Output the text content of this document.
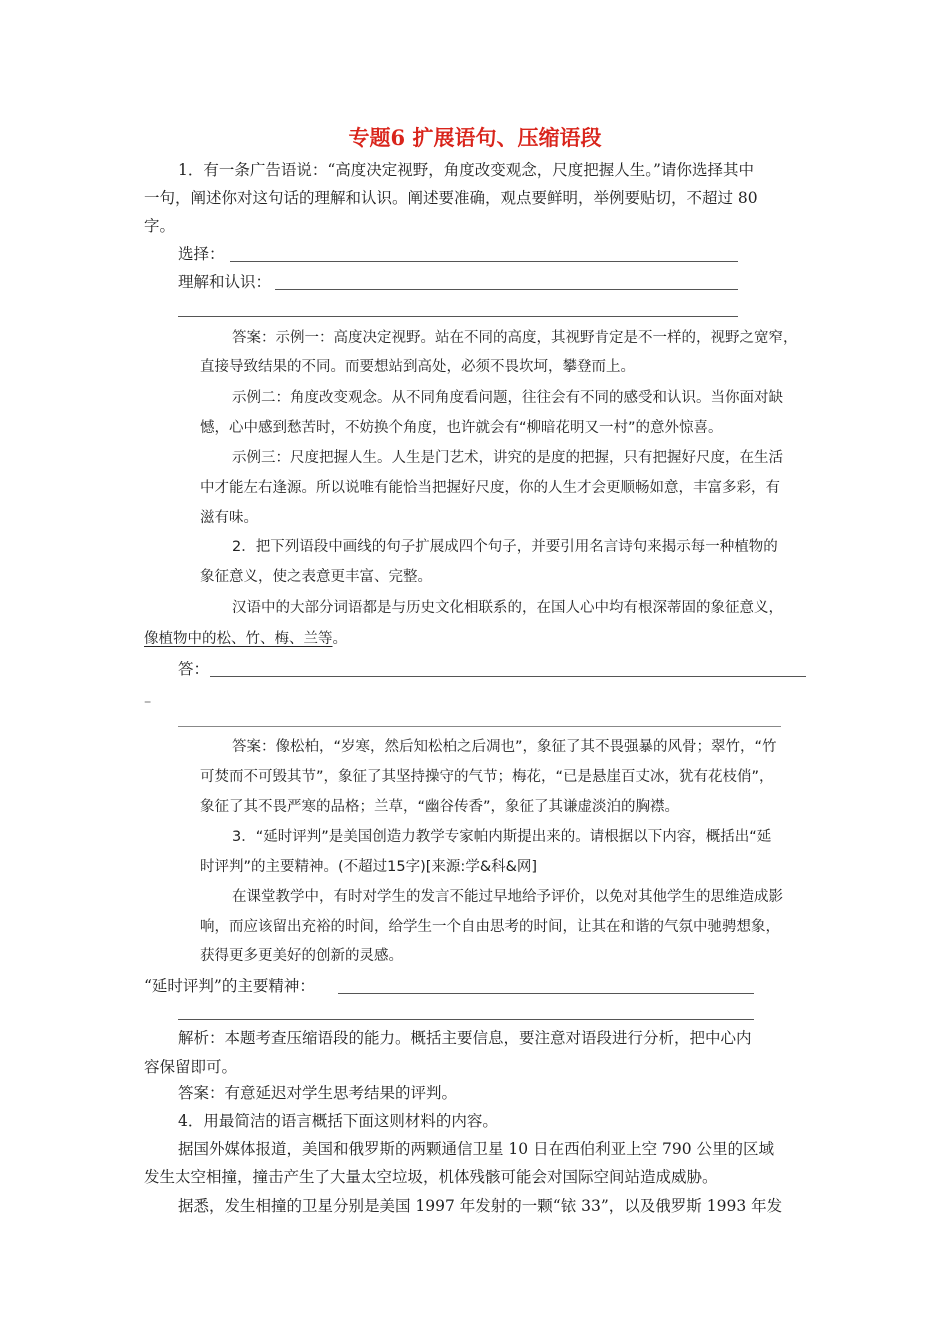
专题6 扩展语句、压缩语段
1．有一条广告语说：“高度决定视野，角度改变观念，尺度把握人生。”请你选择其中
一句，阐述你对这句话的理解和认识。阐述要准确，观点要鲜明，举例要贴切，不超过 80
字。
选择：
理解和认识：
答案：示例一：高度决定视野。站在不同的高度，其视野肯定是不一样的，视野之宽窄，
直接导致结果的不同。而要想站到高处，必须不畏坎坷，攀登而上。
示例二：角度改变观念。从不同角度看问题，往往会有不同的感受和认识。当你面对缺
憾，心中感到愁苦时，不妨换个角度，也许就会有“柳暗花明又一村”的意外惊喜。
示例三：尺度把握人生。人生是门艺术，讲究的是度的把握，只有把握好尺度，在生活
中才能左右逢源。所以说唯有能恰当把握好尺度，你的人生才会更顺畅如意，丰富多彩，有
滋有味。
2．把下列语段中画线的句子扩展成四个句子，并要引用名言诗句来揭示每一种植物的
象征意义，使之表意更丰富、完整。
汉语中的大部分词语都是与历史文化相联系的，在国人心中均有根深蒂固的象征意义，
像植物中的松、竹、梅、兰等。
答：
–
答案：像松柏，“岁寒，然后知松柏之后凋也”，象征了其不畏强暴的风骨；翠竹，“竹
可焚而不可毁其节”，象征了其坚持操守的气节；梅花，“已是悬崖百丈冰，犹有花枝俏”，
象征了其不畏严寒的品格；兰草，“幽谷传香”，象征了其谦虚淡泊的胸襟。
3．“延时评判”是美国创造力教学专家帕内斯提出来的。请根据以下内容，概括出“延
时评判”的主要精神。(不超过15字)[来源:学&科&网]
在课堂教学中，有时对学生的发言不能过早地给予评价，以免对其他学生的思维造成影
响，而应该留出充裕的时间，给学生一个自由思考的时间，让其在和谐的气氛中驰骋想象，
获得更多更美好的创新的灵感。
“延时评判”的主要精神：
解析：本题考查压缩语段的能力。概括主要信息，要注意对语段进行分析，把中心内
容保留即可。
答案：有意延迟对学生思考结果的评判。
4．用最简洁的语言概括下面这则材料的内容。
据国外媒体报道，美国和俄罗斯的两颗通信卫星 10 日在西伯利亚上空 790 公里的区域
发生太空相撞，撞击产生了大量太空垃圾，机体残骸可能会对国际空间站造成威胁。
据悉，发生相撞的卫星分别是美国 1997 年发射的一颗“铱 33”，以及俄罗斯 1993 年发
